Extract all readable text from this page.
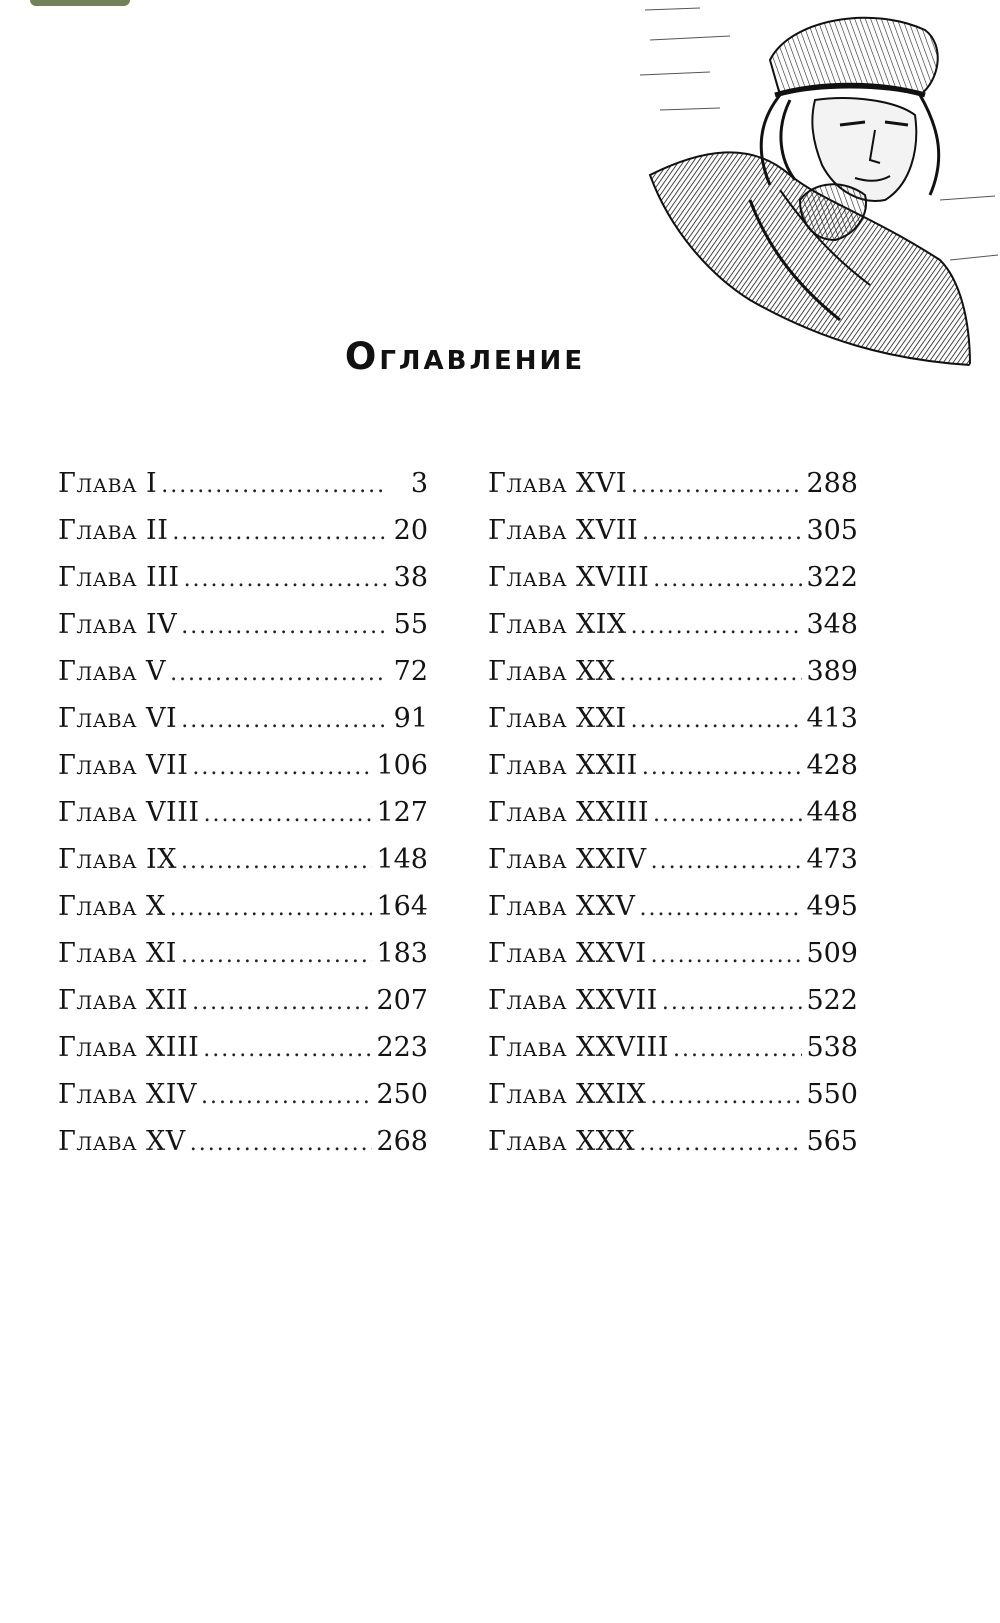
Оглавление
Глава I .....	3
Глава II .....	20
Глава III .....	38
Глава IV .....	55
Глава V .....	72
Глава VI .....	91
Глава VII .....	106
Глава VIII .....	127
Глава IX .....	148
Глава X .....	164
Глава XI .....	183
Глава XII .....	207
Глава XIII .....	223
Глава XIV .....	250
Глава XV .....	268
Глава XVI .....	288
Глава XVII .....	305
Глава XVIII .....	322
Глава XIX .....	348
Глава XX .....	389
Глава XXI .....	413
Глава XXII .....	428
Глава XXIII .....	448
Глава XXIV .....	473
Глава XXV .....	495
Глава XXVI .....	509
Глава XXVII .....	522
Глава XXVIII .....	538
Глава XXIX .....	550
Глава XXX .....	565
